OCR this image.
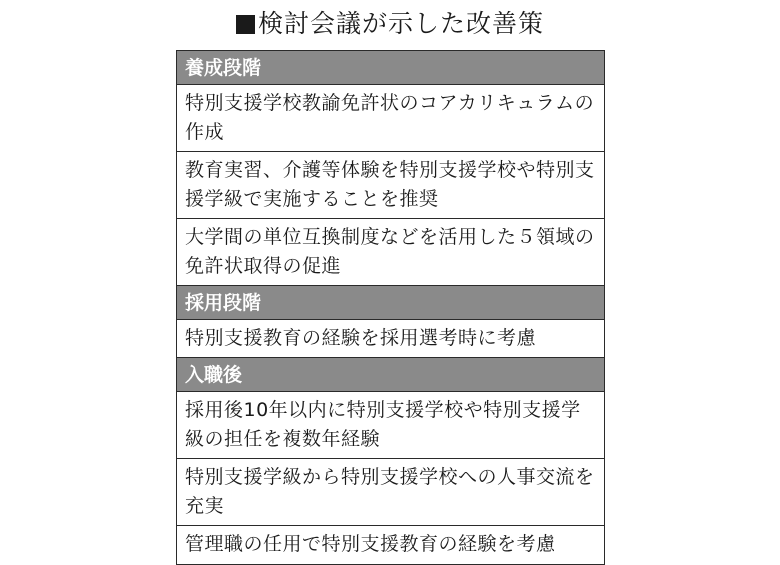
検討会議が示した改善策
養成段階
特別支援学校教諭免許状のコアカリキュラムの作成
教育実習、介護等体験を特別支援学校や特別支援学級で実施することを推奨
大学間の単位互換制度などを活用した５領域の免許状取得の促進
採用段階
特別支援教育の経験を採用選考時に考慮
入職後
採用後10年以内に特別支援学校や特別支援学級の担任を複数年経験
特別支援学級から特別支援学校への人事交流を充実
管理職の任用で特別支援教育の経験を考慮
